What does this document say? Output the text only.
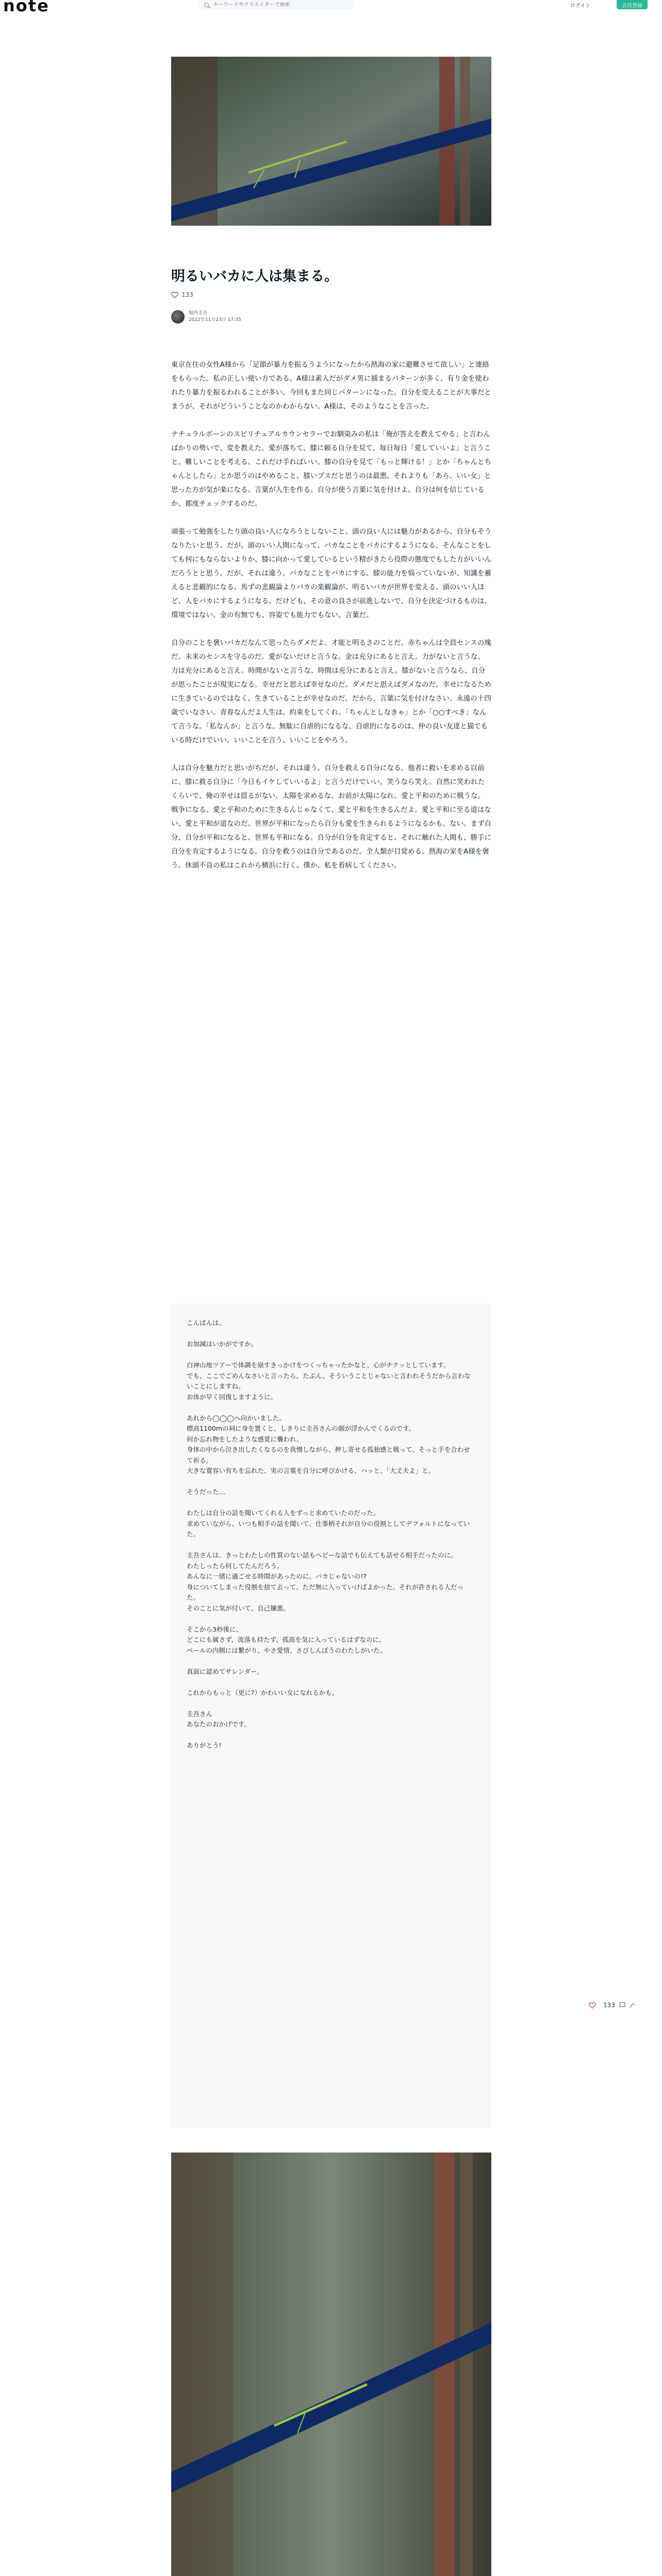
note
キーワードやクリエイターで検索	ログイン	会員登録
明るいバカに人は集まる。
133
堀内圭吾
2022年11月23日 17:35

東京在住の女性A様から「足節が暴力を振るうようになったから熱海の家に避難させて欲しい」と連絡をもらった。私の正しい使い方である。A様は素人だがダメ男に捕まるパターンが多く、有り金を使われたり暴力を振るわれることが多い。今回もまた同じパターンになった。自分を変えることが大事だとまうが、それがどういうことなのかわからない。A様は、そのようなことを言った。

ナチュラルボーンのスピリチュアルカウンセラーでお馴染みの私は「俺が答えを教えてやる」と言わんばかりの勢いで、変を教えた。愛が落ちて、膝に頼る自分を見て、毎日毎日「愛していいよ」と言うこと。難しいことを考える、これだけ手ればいい。膝の自分を見て「もっと輝ける！」とか「ちゃんとちゃんとしたら」とか思うのはやめること。膝いプスだと思うのは最悪。それよりも「あら、いい女」と思った方が気が楽になる。言葉が人生を作る。自分が使う言葉に気を付けよ。自分は何を信じているか、都度チェックするのだ。

頑張って勉強をしたり頭の良い人になろうとしないこと。頭の良い人には魅力があるから、自分もそうなりたいと思う。だが、頭のいい人間になって、バカなことをバカにするようになる。そんなことをしても何にもならないよりか、膝に向かって愛しているという精がきたら役際の態度でもした方がいいんだろうとと思う。だが、それは違う。バカなことをバカにする。膝の能力を悩っていないが、知識を蓄えると悲観的になる。馬ずの悲観論よりバカの楽観論が。明るいバカが世界を変える。頭のいい人ほど、人をバカにするようになる。だけども、その意の良さが前進しないで、自分を決定づけるものは、環境ではない。金の有無でも、容姿でも能力でもない、言葉だ。

自分のことを褒いバカだなんて思ったらダメだよ。才能と明るさのことだ。赤ちゃんは全員センスの塊だ。未来のセンスを守るのだ。愛がないだけと言うな。金は充分にあると言え。力がないと言うな、力は充分にあると言え。時間がないと言うな、時間は充分にあると言え。膝がないと言うなら、自分が思ったことが現実になる。幸せだと思えば幸せなのだ。ダメだと思えばダメなのだ。幸せになるために生きているのではなく、生きていることが幸せなのだ。だから、言葉に気を付けなさい。永遠の十四歳でいなさい。青春なんだよ人生は。約束をしてくれ。「ちゃんとしなきゃ」とか「○○すべき」なんて言うな。「私なんか」と言うな。無駄に自虐的になるな、自虐的になるのは、仲の良い友達と猫でもいる時だけでいい。いいことを言う、いいことをやろう。

人は自分を魅力だと思いがちだが、それは違う。自分を救える自分になる。他者に救いを求める以前に、膝に救る自分に「今日もイケしていいるよ」と言うだけでいい。笑うなら笑え。自然に笑われたくらいで、俺の幸せは揺るがない。太陽を求めるな、お前が太陽になれ。愛と平和のために戦うな。戦争になる。愛と平和のために生きるんじゃなくて、愛と平和を生きるんだよ。愛と平和に至る道はない、愛と平和が道なのだ。世界が平和になったら自分も愛を生きられるようになるかも、ない。まず自分、自分が平和になると、世界も平和になる。自分が自分を肯定すると、それに触れた人間も、勝手に自分を肯定するようになる。自分を救うのは自分であるのだ。全人類が目覚める。熱海の家をA様を褒う。休頭不良の私はこれから横浜に行く。僕か、私を看病してください。

こんばんは。
お加減はいかがですか。
白神山地ツアーで体調を崩すきっかけをつくっちゃったかなと、心がチクッとしています。
でも、ここでごめんなさいと言ったら、たぶん、そういうことじゃないと言われそうだから言わないことにしますね。
お体が早く回復しますように。
あれから◯◯◯へ向かいました。
標高1100mの祠に身を置くと、しきりに圭吾さんの顔が浮かんでくるのです。
何か忘れ物をしたような感覚に襲われ、
身体の中から泣き出したくなるのを我慢しながら、押し寄せる孤独感と戦って、そっと手を合わせて祈る。
大きな寛容い有ちを忘れた、実の言葉を自分に呼びかける、ハッと、「大丈夫よ」と。
そうだった…
わたしは自分の話を聞いてくれる人をずっと求めていたのだった。
求めていながら、いつも相手の話を聞いて、仕事柄それが自分の役割としてデフォルトになっていた。
圭吾さんは、きっとわたしの性質のない話もへビーな話でも伝えても話せる相手だったのに。
わたしったら何してたんだろう。
あんなに一緒に過ごせる時間があったのに、バカじゃないの!?
身についてしまった役割を捨て去って、ただ無に入っていけばよかった。それが許される人だった。
そのことに気が付いて、自己嫌悪。
そこから3秒後に、
どこにも属さず、流落も持たず、孤高を気に入っているはずなのに、
ベールの内側には繋がり、やさ愛情。さびしんぼうのわたしがいた。
真面に認めてサレンダー。
これからもっと（更に?）かわいい女になれるかも。
圭吾さん
あなたのおかげです。
ありがとう!
133
